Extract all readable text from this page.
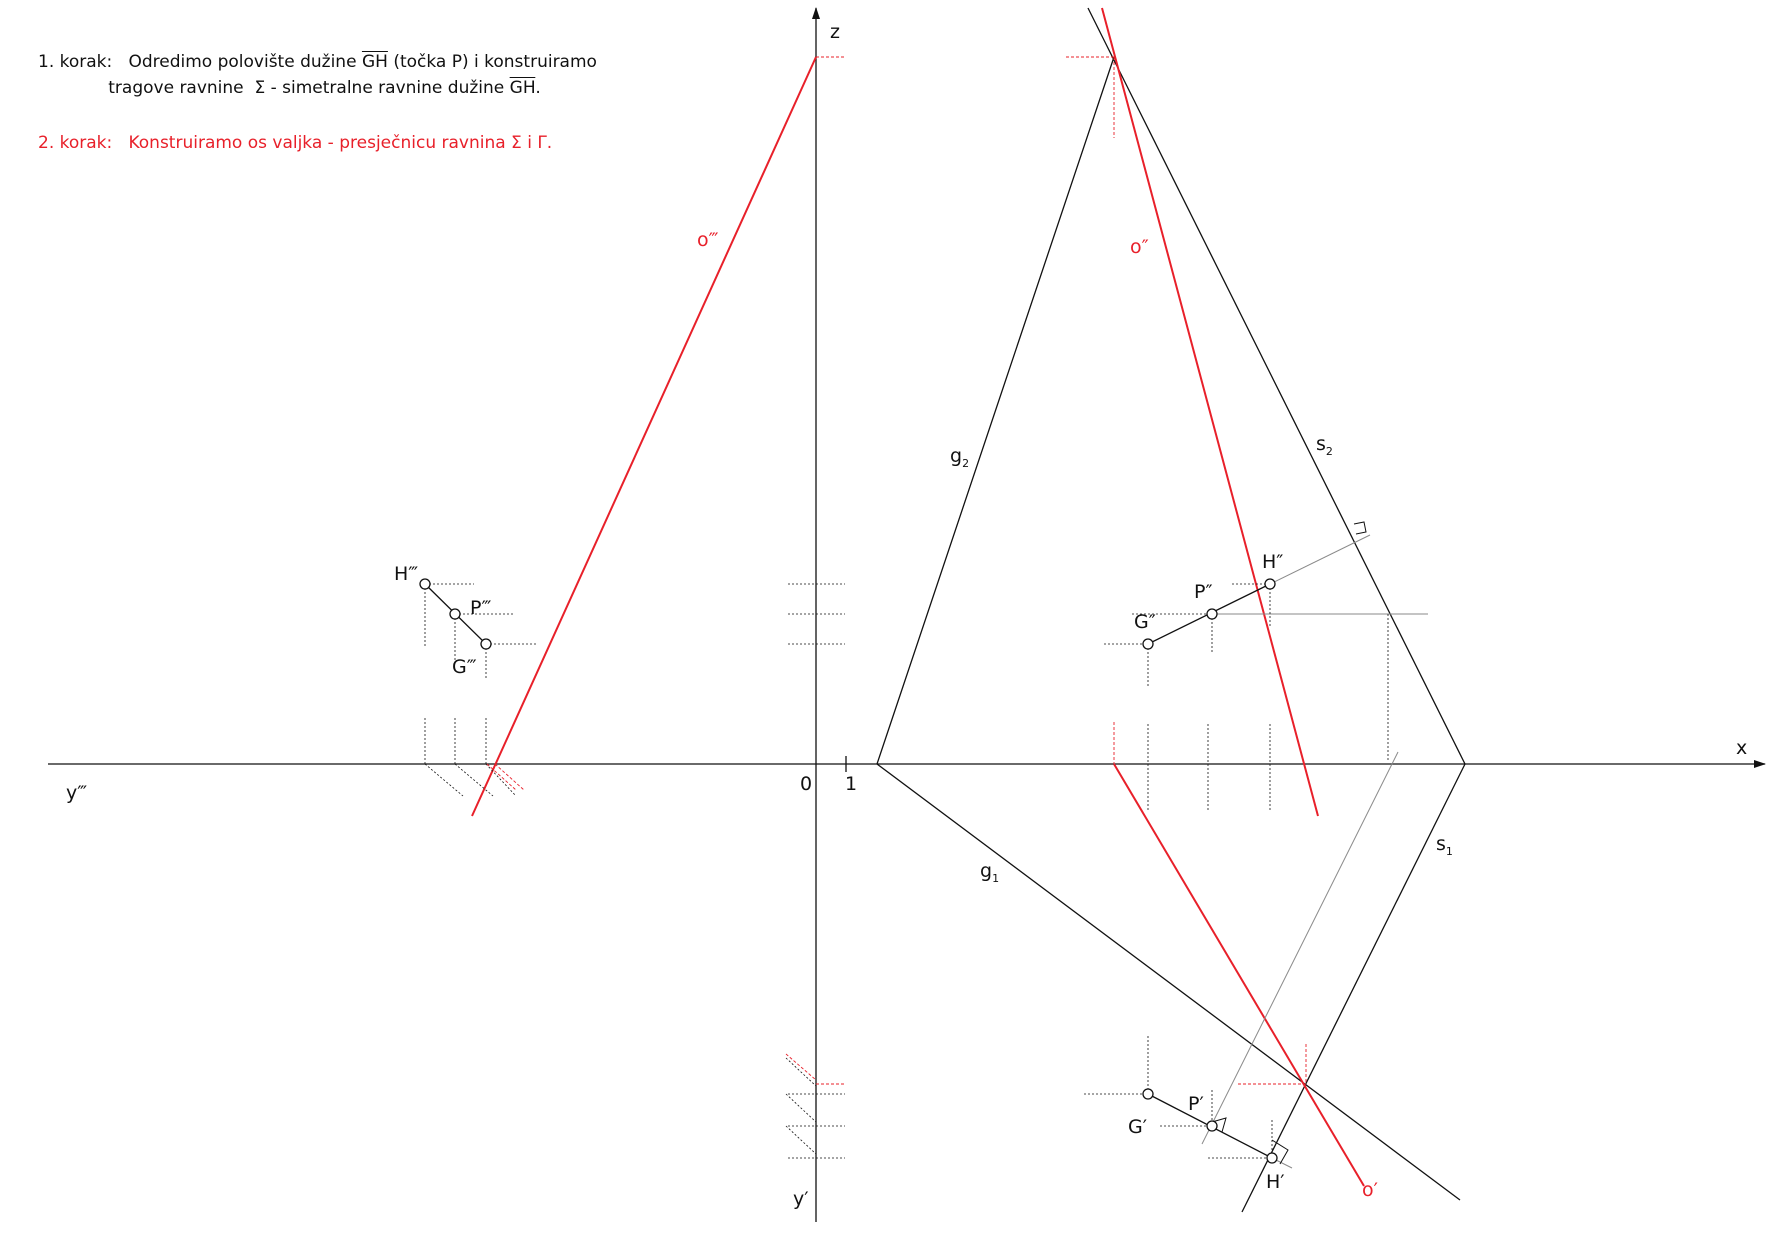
1. korak: Odredimo polovište dužine $\overline{GH}$ (točka P) i konstruiramo
tragove ravnine Σ - simetralne ravnine dužine $\overline{GH}$.
2. korak: Konstruiramo os valjka - presječnicu ravnina Σ i Γ.
z
x
y‴
y′
0 1
H‴
P‴
G‴
H″
P″
G″
P′
G′
H′
$g_2$
$s_2$
$g_1$
$s_1$
o‴	o″
o′
